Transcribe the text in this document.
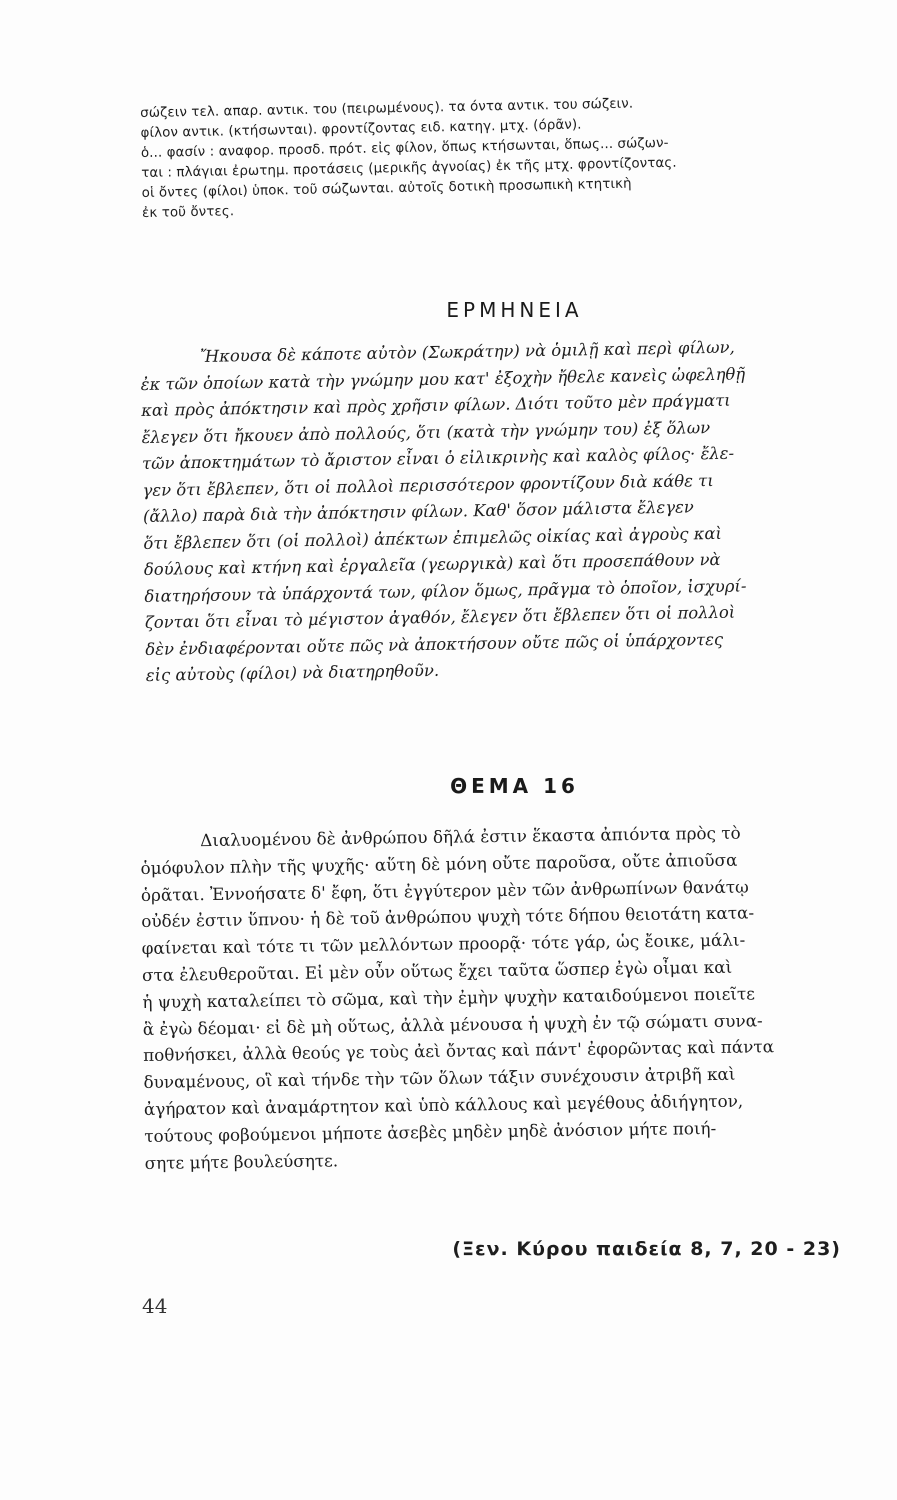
σώζειν τελ. απαρ. αντικ. του (πειρωμένους). τα όντα αντικ. του σώζειν.
φίλον αντικ. (κτήσωνται). φροντίζοντας ειδ. κατηγ. μτχ. (όρᾶν).
ὁ... φασίν : αναφορ. προσδ. πρότ. εἰς φίλον, ὅπως κτήσωνται, ὅπως... σώζων-
ται : πλάγιαι ἐρωτημ. προτάσεις (μερικῆς ἀγνοίας) ἐκ τῆς μτχ. φροντίζοντας.
οἱ ὄντες (φίλοι) ὑποκ. τοῦ σώζωνται. αὐτοῖς δοτικὴ προσωπικὴ κτητικὴ
ἐκ τοῦ ὄντες.
ΕΡΜΗΝΕΙΑ
Ἤκουσα δὲ κάποτε αὐτὸν (Σωκράτην) νὰ ὁμιλῇ καὶ περὶ φίλων,
ἐκ τῶν ὁποίων κατὰ τὴν γνώμην μου κατ' ἐξοχὴν ἤθελε κανεὶς ὠφεληθῇ
καὶ πρὸς ἀπόκτησιν καὶ πρὸς χρῆσιν φίλων. Διότι τοῦτο μὲν πράγματι
ἔλεγεν ὅτι ἤκουεν ἀπὸ πολλούς, ὅτι (κατὰ τὴν γνώμην του) ἐξ ὅλων
τῶν ἀποκτημάτων τὸ ἄριστον εἶναι ὁ εἰλικρινὴς καὶ καλὸς φίλος· ἔλε-
γεν ὅτι ἔβλεπεν, ὅτι οἱ πολλοὶ περισσότερον φροντίζουν διὰ κάθε τι
(ἄλλο) παρὰ διὰ τὴν ἀπόκτησιν φίλων. Καθ' ὅσον μάλιστα ἔλεγεν
ὅτι ἔβλεπεν ὅτι (οἱ πολλοὶ) ἀπέκτων ἐπιμελῶς οἰκίας καὶ ἀγροὺς καὶ
δούλους καὶ κτήνη καὶ ἐργαλεῖα (γεωργικὰ) καὶ ὅτι προσεπάθουν νὰ
διατηρήσουν τὰ ὑπάρχοντά των, φίλον ὅμως, πρᾶγμα τὸ ὁποῖον, ἰσχυρί-
ζονται ὅτι εἶναι τὸ μέγιστον ἀγαθόν, ἔλεγεν ὅτι ἔβλεπεν ὅτι οἱ πολλοὶ
δὲν ἐνδιαφέρονται οὔτε πῶς νὰ ἀποκτήσουν οὔτε πῶς οἱ ὑπάρχοντες
εἰς αὐτοὺς (φίλοι) νὰ διατηρηθοῦν.
ΘΕΜΑ 16
Διαλυομένου δὲ ἀνθρώπου δῆλά ἐστιν ἕκαστα ἀπιόντα πρὸς τὸ
ὁμόφυλον πλὴν τῆς ψυχῆς· αὕτη δὲ μόνη οὔτε παροῦσα, οὔτε ἀπιοῦσα
ὁρᾶται. Ἐννοήσατε δ' ἔφη, ὅτι ἐγγύτερον μὲν τῶν ἀνθρωπίνων θανάτῳ
οὐδέν ἐστιν ὕπνου· ἡ δὲ τοῦ ἀνθρώπου ψυχὴ τότε δήπου θειοτάτη κατα-
φαίνεται καὶ τότε τι τῶν μελλόντων προορᾷ· τότε γάρ, ὡς ἔοικε, μάλι-
στα ἐλευθεροῦται. Εἰ μὲν οὖν οὕτως ἔχει ταῦτα ὥσπερ ἐγὼ οἶμαι καὶ
ἡ ψυχὴ καταλείπει τὸ σῶμα, καὶ τὴν ἐμὴν ψυχὴν καταιδούμενοι ποιεῖτε
ἃ ἐγὼ δέομαι· εἰ δὲ μὴ οὕτως, ἀλλὰ μένουσα ἡ ψυχὴ ἐν τῷ σώματι συνα-
ποθνήσκει, ἀλλὰ θεούς γε τοὺς ἀεὶ ὄντας καὶ πάντ' ἐφορῶντας καὶ πάντα
δυναμένους, οἳ καὶ τήνδε τὴν τῶν ὅλων τάξιν συνέχουσιν ἀτριβῆ καὶ
ἀγήρατον καὶ ἀναμάρτητον καὶ ὑπὸ κάλλους καὶ μεγέθους ἀδιήγητον,
τούτους φοβούμενοι μήποτε ἀσεβὲς μηδὲν μηδὲ ἀνόσιον μήτε ποιή-
σητε μήτε βουλεύσητε.
(Ξεν. Κύρου παιδεία 8, 7, 20 - 23)
44
